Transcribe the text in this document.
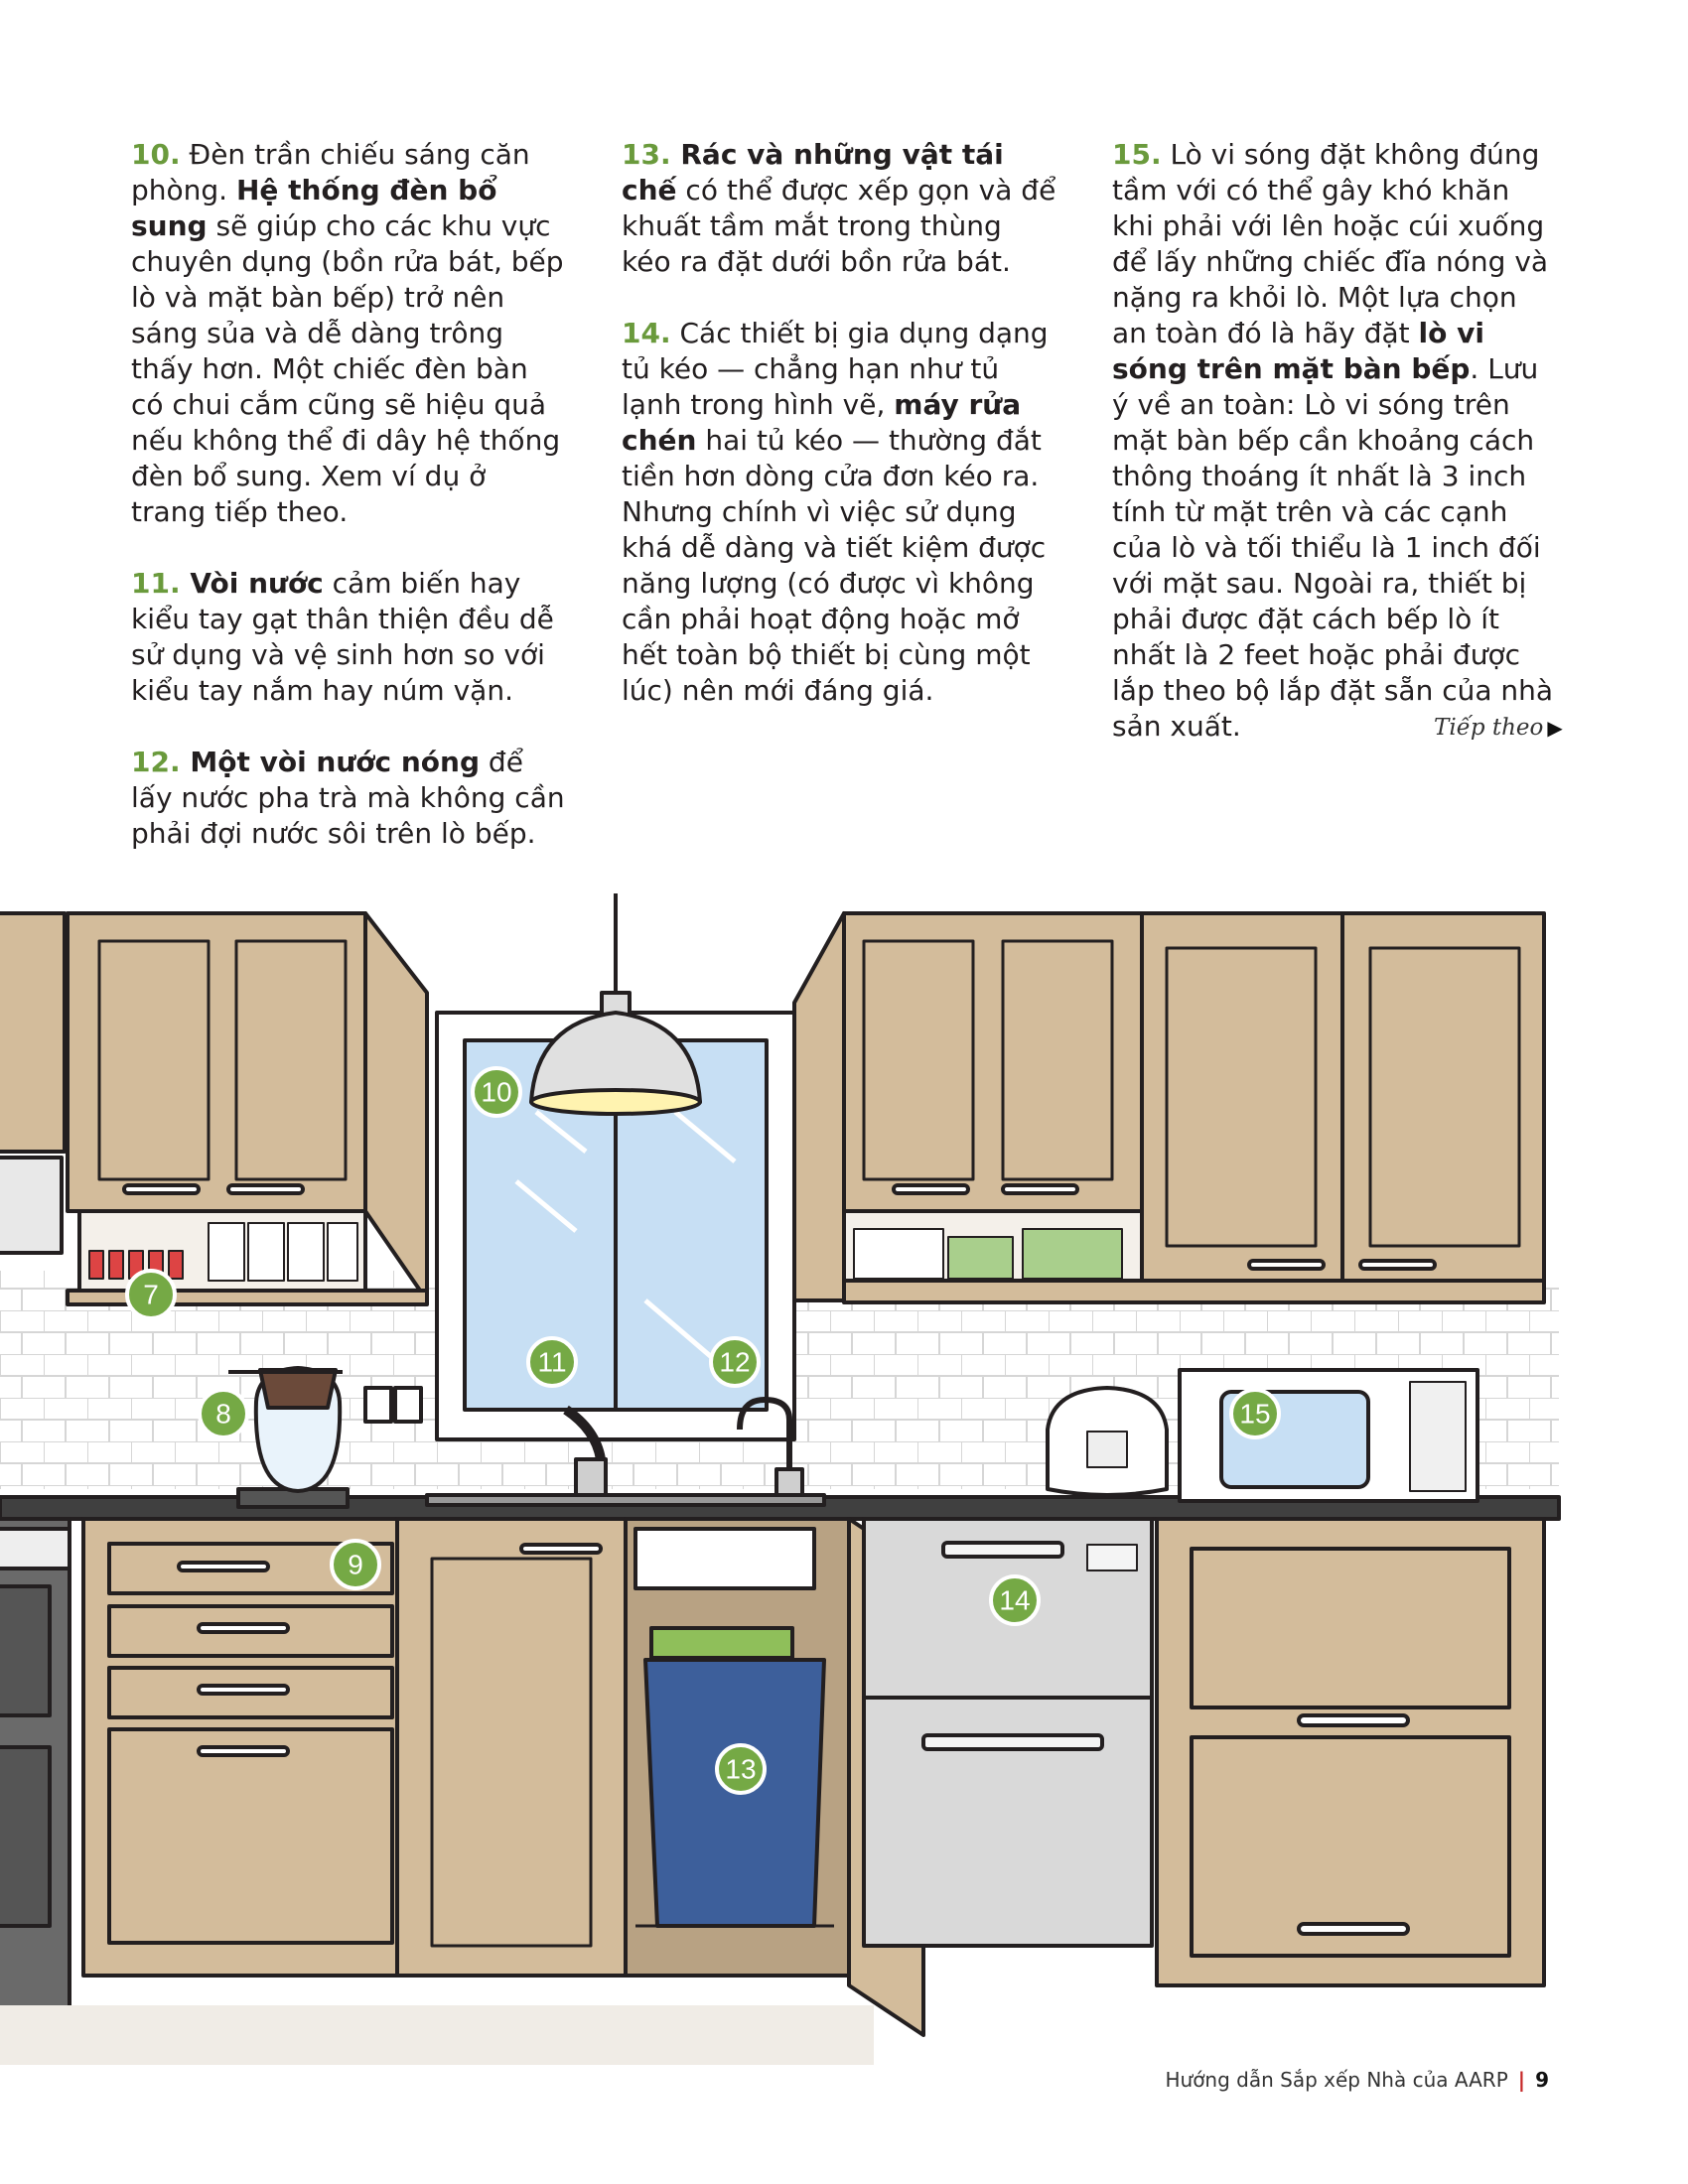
10. Đèn trần chiếu sáng căn phòng. Hệ thống đèn bổ sung sẽ giúp cho các khu vực chuyên dụng (bồn rửa bát, bếp lò và mặt bàn bếp) trở nên sáng sủa và dễ dàng trông thấy hơn. Một chiếc đèn bàn có chui cắm cũng sẽ hiệu quả nếu không thể đi dây hệ thống đèn bổ sung. Xem ví dụ ở trang tiếp theo.

11. Vòi nước cảm biến hay kiểu tay gạt thân thiện đều dễ sử dụng và vệ sinh hơn so với kiểu tay nắm hay núm vặn.

12. Một vòi nước nóng để lấy nước pha trà mà không cần phải đợi nước sôi trên lò bếp.

13. Rác và những vật tái chế có thể được xếp gọn và để khuất tầm mắt trong thùng kéo ra đặt dưới bồn rửa bát.

14. Các thiết bị gia dụng dạng tủ kéo — chẳng hạn như tủ lạnh trong hình vẽ, máy rửa chén hai tủ kéo — thường đắt tiền hơn dòng cửa đơn kéo ra. Nhưng chính vì việc sử dụng khá dễ dàng và tiết kiệm được năng lượng (có được vì không cần phải hoạt động hoặc mở hết toàn bộ thiết bị cùng một lúc) nên mới đáng giá.

15. Lò vi sóng đặt không đúng tầm với có thể gây khó khăn khi phải với lên hoặc cúi xuống để lấy những chiếc đĩa nóng và nặng ra khỏi lò. Một lựa chọn an toàn đó là hãy đặt lò vi sóng trên mặt bàn bếp. Lưu ý về an toàn: Lò vi sóng trên mặt bàn bếp cần khoảng cách thông thoáng ít nhất là 3 inch tính từ mặt trên và các cạnh của lò và tối thiểu là 1 inch đối với mặt sau. Ngoài ra, thiết bị phải được đặt cách bếp lò ít nhất là 2 feet hoặc phải được lắp theo bộ lắp đặt sẵn của nhà sản xuất.	Tiếp theo ▶
7
8
9
10
11	12
13
14
15
Hướng dẫn Sắp xếp Nhà của AARP | 9
